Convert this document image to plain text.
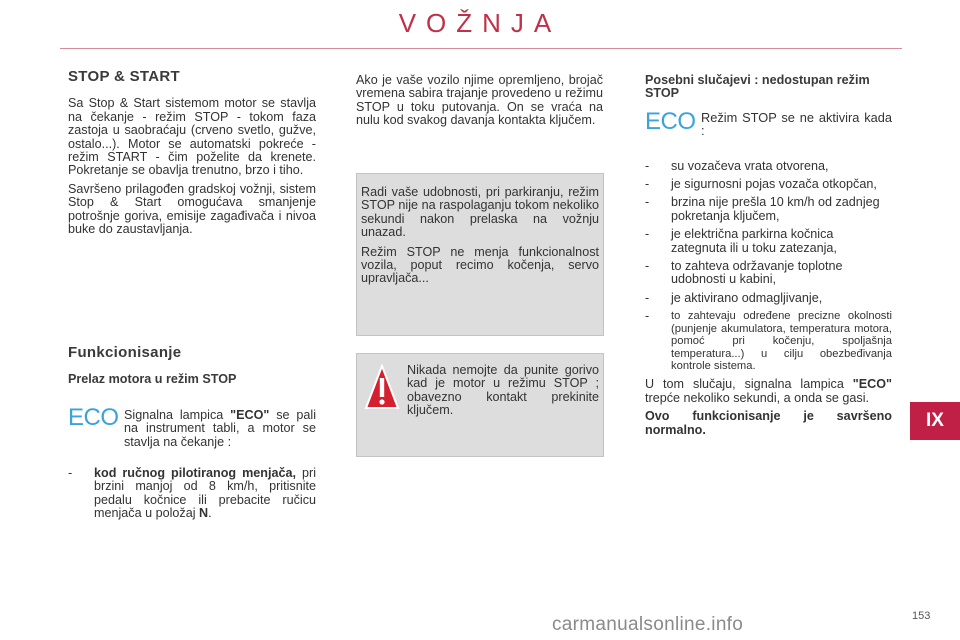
VOŽNJA
STOP & START

Sa Stop & Start sistemom motor se stavlja na čekanje - režim STOP - tokom faza zastoja u saobraćaju (crveno svetlo, gužve, ostalo...). Motor se automatski pokreće - režim START - čim poželite da krenete. Pokretanje se obavlja trenutno, brzo i tiho.

Savršeno prilagođen gradskoj vožnji, sistem Stop & Start omogućava smanjenje potrošnje goriva, emisije zagađivača i nivoa buke do zaustavljanja.

Funkcionisanje
Prelaz motora u režim STOP
ECO Signalna lampica "ECO" se pali na instrument tabli, a motor se stavlja na čekanje :
-	kod ručnog pilotiranog menjača, pri brzini manjoj od 8 km/h, pritisnite pedalu kočnice ili prebacite ručicu menjača u položaj N.
Ako je vaše vozilo njime opremljeno, brojač vremena sabira trajanje provedeno u režimu STOP u toku putovanja. On se vraća na nulu kod svakog davanja kontakta ključem.

Radi vaše udobnosti, pri parkiranju, režim STOP nije na raspolaganju tokom nekoliko sekundi nakon prelaska na vožnju unazad.

Režim STOP ne menja funkcionalnost vozila, poput recimo kočenja, servo upravljača...

Nikada nemojte da punite gorivo kad je motor u režimu STOP ; obavezno kontakt prekinite ključem.

Posebni slučajevi : nedostupan režim STOP
ECO Režim STOP se ne aktivira kada :
-	su vozačeva vrata otvorena,
-	je sigurnosni pojas vozača otkopčan,
-	brzina nije prešla 10 km/h od zadnjeg pokretanja ključem,
-	je električna parkirna kočnica zategnuta ili u toku zatezanja,
-	to zahteva održavanje toplotne udobnosti u kabini,
-	je aktivirano odmagljivanje,
-	to zahtevaju određene precizne okolnosti (punjenje akumulatora, temperatura motora, pomoć pri kočenju, spoljašnja temperatura...) u cilju obezbeđivanja kontrole sistema.

U tom slučaju, signalna lampica "ECO" trepće nekoliko sekundi, a onda se gasi.

Ovo funkcionisanje je savršeno normalno.	IX
153
carmanualsonline.info
